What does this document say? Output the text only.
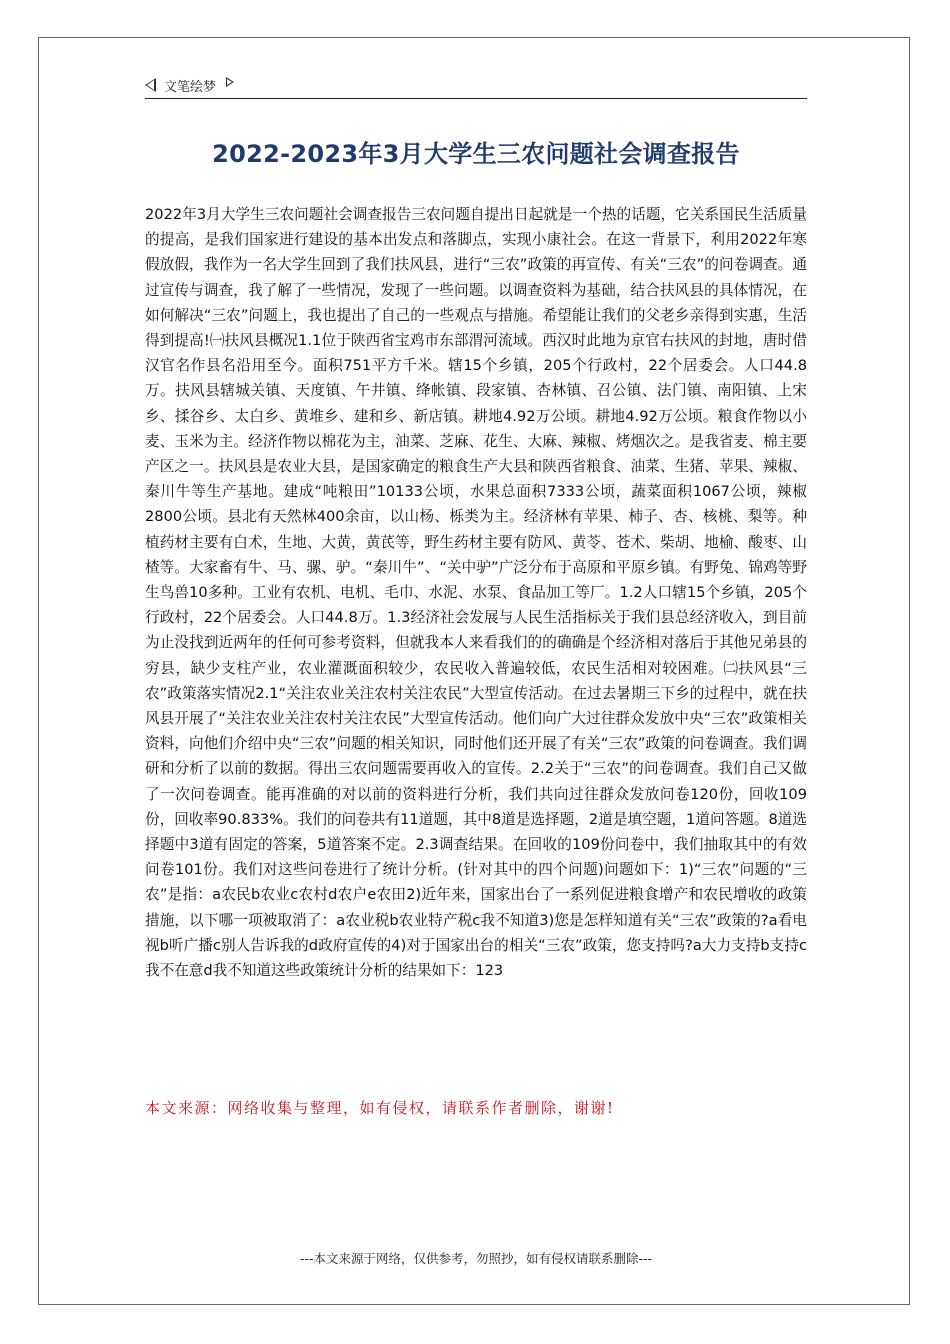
文笔绘梦
2022-2023年3月大学生三农问题社会调查报告

2022年3月大学生三农问题社会调查报告三农问题自提出日起就是一个热的话题，它关系国民生活质量的提高，是我们国家进行建设的基本出发点和落脚点，实现小康社会。在这一背景下，利用2022年寒假放假，我作为一名大学生回到了我们扶风县，进行“三农”政策的再宣传、有关“三农”的问卷调查。通过宣传与调查，我了解了一些情况，发现了一些问题。以调查资料为基础，结合扶风县的具体情况，在如何解决“三农”问题上，我也提出了自己的一些观点与措施。希望能让我们的父老乡亲得到实惠，生活得到提高!㈠扶风县概况1.1位于陕西省宝鸡市东部渭河流域。西汉时此地为京官右扶风的封地，唐时借汉官名作县名沿用至今。面积751平方千米。辖15个乡镇，205个行政村，22个居委会。人口44.8万。扶风县辖城关镇、天度镇、午井镇、绛帐镇、段家镇、杏林镇、召公镇、法门镇、南阳镇、上宋乡、揉谷乡、太白乡、黄堆乡、建和乡、新店镇。耕地4.92万公顷。耕地4.92万公顷。粮食作物以小麦、玉米为主。经济作物以棉花为主，油菜、芝麻、花生、大麻、辣椒、烤烟次之。是我省麦、棉主要产区之一。扶风县是农业大县，是国家确定的粮食生产大县和陕西省粮食、油菜、生猪、苹果、辣椒、秦川牛等生产基地。建成“吨粮田”10133公顷，水果总面积7333公顷，蔬菜面积1067公顷，辣椒2800公顷。县北有天然林400余亩，以山杨、栎类为主。经济林有苹果、柿子、杏、核桃、梨等。种植药材主要有白术，生地、大黄，黄芪等，野生药材主要有防风、黄苓、苍术、柴胡、地榆、酸枣、山楂等。大家畜有牛、马、骡、驴。“秦川牛”、“关中驴”广泛分布于高原和平原乡镇。有野兔、锦鸡等野生鸟兽10多种。工业有农机、电机、毛巾、水泥、水泵、食品加工等厂。1.2人口辖15个乡镇，205个行政村，22个居委会。人口44.8万。1.3经济社会发展与人民生活指标关于我们县总经济收入，到目前为止没找到近两年的任何可参考资料，但就我本人来看我们的的确确是个经济相对落后于其他兄弟县的穷县，缺少支柱产业，农业灌溉面积较少，农民收入普遍较低，农民生活相对较困难。㈡扶风县“三农”政策落实情况2.1“关注农业关注农村关注农民”大型宣传活动。在过去暑期三下乡的过程中，就在扶风县开展了“关注农业关注农村关注农民”大型宣传活动。他们向广大过往群众发放中央“三农”政策相关资料，向他们介绍中央“三农”问题的相关知识，同时他们还开展了有关“三农”政策的问卷调查。我们调研和分析了以前的数据。得出三农问题需要再收入的宣传。2.2关于“三农”的问卷调查。我们自己又做了一次问卷调查。能再准确的对以前的资料进行分析，我们共向过往群众发放问卷120份，回收109份，回收率90.833%。我们的问卷共有11道题，其中8道是选择题，2道是填空题，1道问答题。8道选择题中3道有固定的答案，5道答案不定。2.3调查结果。在回收的109份问卷中，我们抽取其中的有效问卷101份。我们对这些问卷进行了统计分析。(针对其中的四个问题)问题如下：1)“三农”问题的“三农”是指：a农民b农业c农村d农户e农田2)近年来，国家出台了一系列促进粮食增产和农民增收的政策措施，以下哪一项被取消了：a农业税b农业特产税c我不知道3)您是怎样知道有关“三农”政策的?a看电视b听广播c别人告诉我的d政府宣传的4)对于国家出台的相关“三农”政策，您支持吗?a大力支持b支持c我不在意d我不知道这些政策统计分析的结果如下：123

本文来源：网络收集与整理，如有侵权，请联系作者删除，谢谢!
---本文来源于网络，仅供参考，勿照抄，如有侵权请联系删除---
